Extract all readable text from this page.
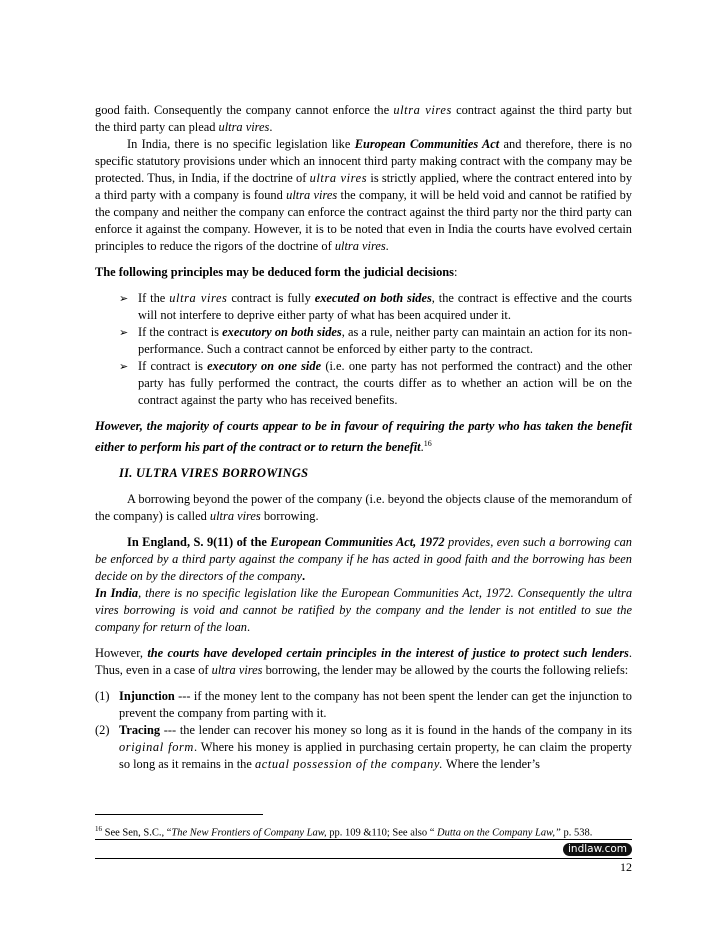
good faith. Consequently the company cannot enforce the ultra vires contract against the third party but the third party can plead ultra vires.

In India, there is no specific legislation like European Communities Act and therefore, there is no specific statutory provisions under which an innocent third party making contract with the company may be protected. Thus, in India, if the doctrine of ultra vires is strictly applied, where the contract entered into by a third party with a company is found ultra vires the company, it will be held void and cannot be ratified by the company and neither the company can enforce the contract against the third party nor the third party can enforce it against the company. However, it is to be noted that even in India the courts have evolved certain principles to reduce the rigors of the doctrine of ultra vires.

The following principles may be deduced form the judicial decisions:

➢ If the ultra vires contract is fully executed on both sides, the contract is effective and the courts will not interfere to deprive either party of what has been acquired under it.
➢ If the contract is executory on both sides, as a rule, neither party can maintain an action for its non-performance. Such a contract cannot be enforced by either party to the contract.
➢ If contract is executory on one side (i.e. one party has not performed the contract) and the other party has fully performed the contract, the courts differ as to whether an action will be on the contract against the party who has received benefits.

However, the majority of courts appear to be in favour of requiring the party who has taken the benefit either to perform his part of the contract or to return the benefit.$^{16}$

II. ULTRA VIRES BORROWINGS

A borrowing beyond the power of the company (i.e. beyond the objects clause of the memorandum of the company) is called ultra vires borrowing.

In England, S. 9(11) of the European Communities Act, 1972 provides, even such a borrowing can be enforced by a third party against the company if he has acted in good faith and the borrowing has been decide on by the directors of the company.

In India, there is no specific legislation like the European Communities Act, 1972. Consequently the ultra vires borrowing is void and cannot be ratified by the company and the lender is not entitled to sue the company for return of the loan.

However, the courts have developed certain principles in the interest of justice to protect such lenders. Thus, even in a case of ultra vires borrowing, the lender may be allowed by the courts the following reliefs:

(1) Injunction --- if the money lent to the company has not been spent the lender can get the injunction to prevent the company from parting with it.
(2) Tracing --- the lender can recover his money so long as it is found in the hands of the company in its original form. Where his money is applied in purchasing certain property, he can claim the property so long as it remains in the actual possession of the company. Where the lender’s
$^{16}$ See Sen, S.C., “The New Frontiers of Company Law, pp. 109 &110; See also “ Dutta on the Company Law,” p. 538.
indlaw.com
12
